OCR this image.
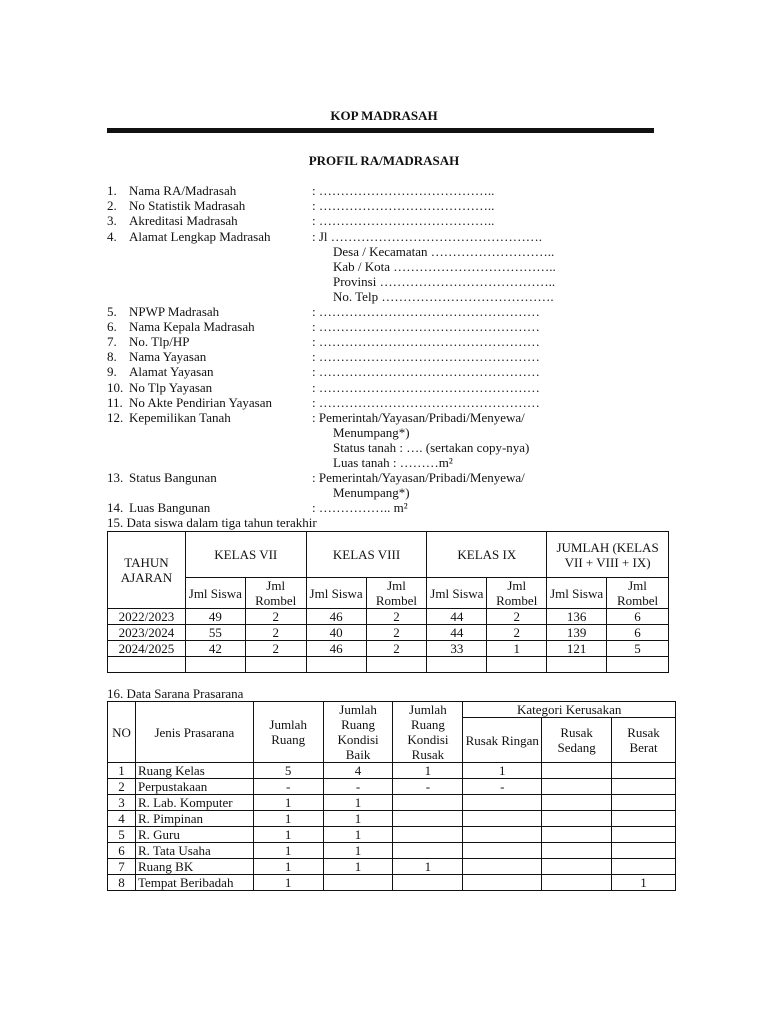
KOP MADRASAH
PROFIL RA/MADRASAH
1. Nama RA/Madrasah	: …………………………………..
2. No Statistik Madrasah	: …………………………………..
3. Akreditasi Madrasah	: …………………………………..
4. Alamat Lengkap Madrasah	: Jl ………………………………………….
Desa / Kecamatan ………………………..
Kab / Kota ………………………………..
Provinsi …………………………………..
No. Telp ………………………………….
5. NPWP Madrasah	: ……………………………………………
6. Nama Kepala Madrasah	: ……………………………………………
7. No. Tlp/HP	: ……………………………………………
8. Nama Yayasan	: ……………………………………………
9. Alamat Yayasan	: ……………………………………………
10. No Tlp Yayasan	: ……………………………………………
11. No Akte Pendirian Yayasan	: ……………………………………………
12. Kepemilikan Tanah	: Pemerintah/Yayasan/Pribadi/Menyewa/
Menumpang*)
Status tanah : …. (sertakan copy-nya)
Luas tanah : ………m²
13. Status Bangunan	: Pemerintah/Yayasan/Pribadi/Menyewa/
Menumpang*)
14. Luas Bangunan	: …………….. m²
15. Data siswa dalam tiga tahun terakhir
TAHUN AJARAN	KELAS VII		KELAS VIII		KELAS IX		JUMLAH (KELAS VII + VIII + IX)	
	Jml Siswa	Jml Rombel	Jml Siswa	Jml Rombel	Jml Siswa	Jml Rombel	Jml Siswa	Jml Rombel
2022/2023	49	2	46	2	44	2	136	6
2023/2024	55	2	40	2	44	2	139	6
2024/2025	42	2	46	2	33	1	121	5

16. Data Sarana Prasarana
NO	Jenis Prasarana	Jumlah Ruang	Jumlah Ruang Kondisi Baik	Jumlah Ruang Kondisi Rusak	Kategori Kerusakan		
					Rusak Ringan	Rusak Sedang	Rusak Berat
1	Ruang Kelas	5	4	1	1		
2	Perpustakaan	-	-	-	-		
3	R. Lab. Komputer	1	1				
4	R. Pimpinan	1	1				
5	R. Guru	1	1				
6	R. Tata Usaha	1	1				
7	Ruang BK	1	1	1			
8	Tempat Beribadah	1					1
